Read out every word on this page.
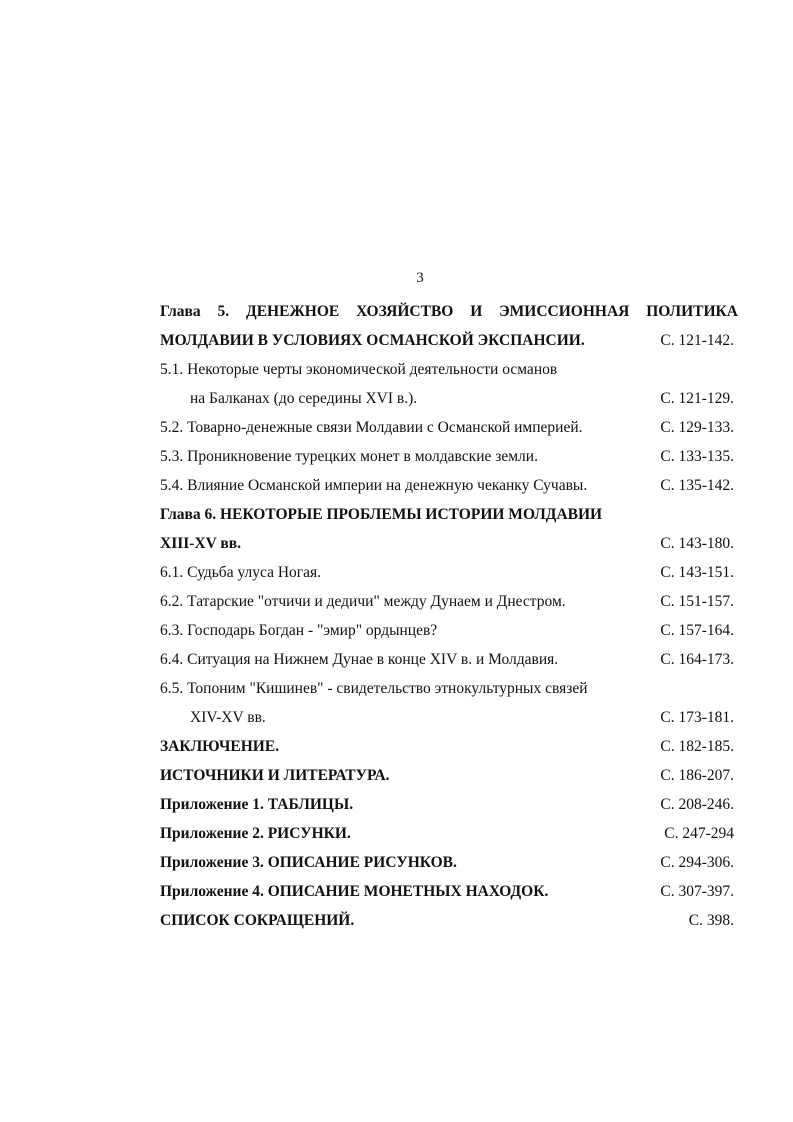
3
Глава 5. ДЕНЕЖНОЕ ХОЗЯЙСТВО И ЭМИССИОННАЯ ПОЛИТИКА
МОЛДАВИИ В УСЛОВИЯХ ОСМАНСКОЙ ЭКСПАНСИИ.	С. 121-142.
5.1. Некоторые черты экономической деятельности османов
на Балканах (до середины XVI в.).	С. 121-129.
5.2. Товарно-денежные связи Молдавии с Османской империей.	С. 129-133.
5.3. Проникновение турецких монет в молдавские земли.	С. 133-135.
5.4. Влияние Османской империи на денежную чеканку Сучавы.	С. 135-142.
Глава 6. НЕКОТОРЫЕ ПРОБЛЕМЫ ИСТОРИИ МОЛДАВИИ
XIII-XV вв.	С. 143-180.
6.1. Судьба улуса Ногая.	С. 143-151.
6.2. Татарские "отчичи и дедичи" между Дунаем и Днестром.	С. 151-157.
6.3. Господарь Богдан - "эмир" ордынцев?	С. 157-164.
6.4. Ситуация на Нижнем Дунае в конце XIV в. и Молдавия.	С. 164-173.
6.5. Топоним "Кишинев" - свидетельство этнокультурных связей
XIV-XV вв.	С. 173-181.
ЗАКЛЮЧЕНИЕ.	С. 182-185.
ИСТОЧНИКИ И ЛИТЕРАТУРА.	С. 186-207.
Приложение 1. ТАБЛИЦЫ.	С. 208-246.
Приложение 2. РИСУНКИ.	С. 247-294
Приложение 3. ОПИСАНИЕ РИСУНКОВ.	С. 294-306.
Приложение 4. ОПИСАНИЕ МОНЕТНЫХ НАХОДОК.	С. 307-397.
СПИСОК СОКРАЩЕНИЙ.	С. 398.
